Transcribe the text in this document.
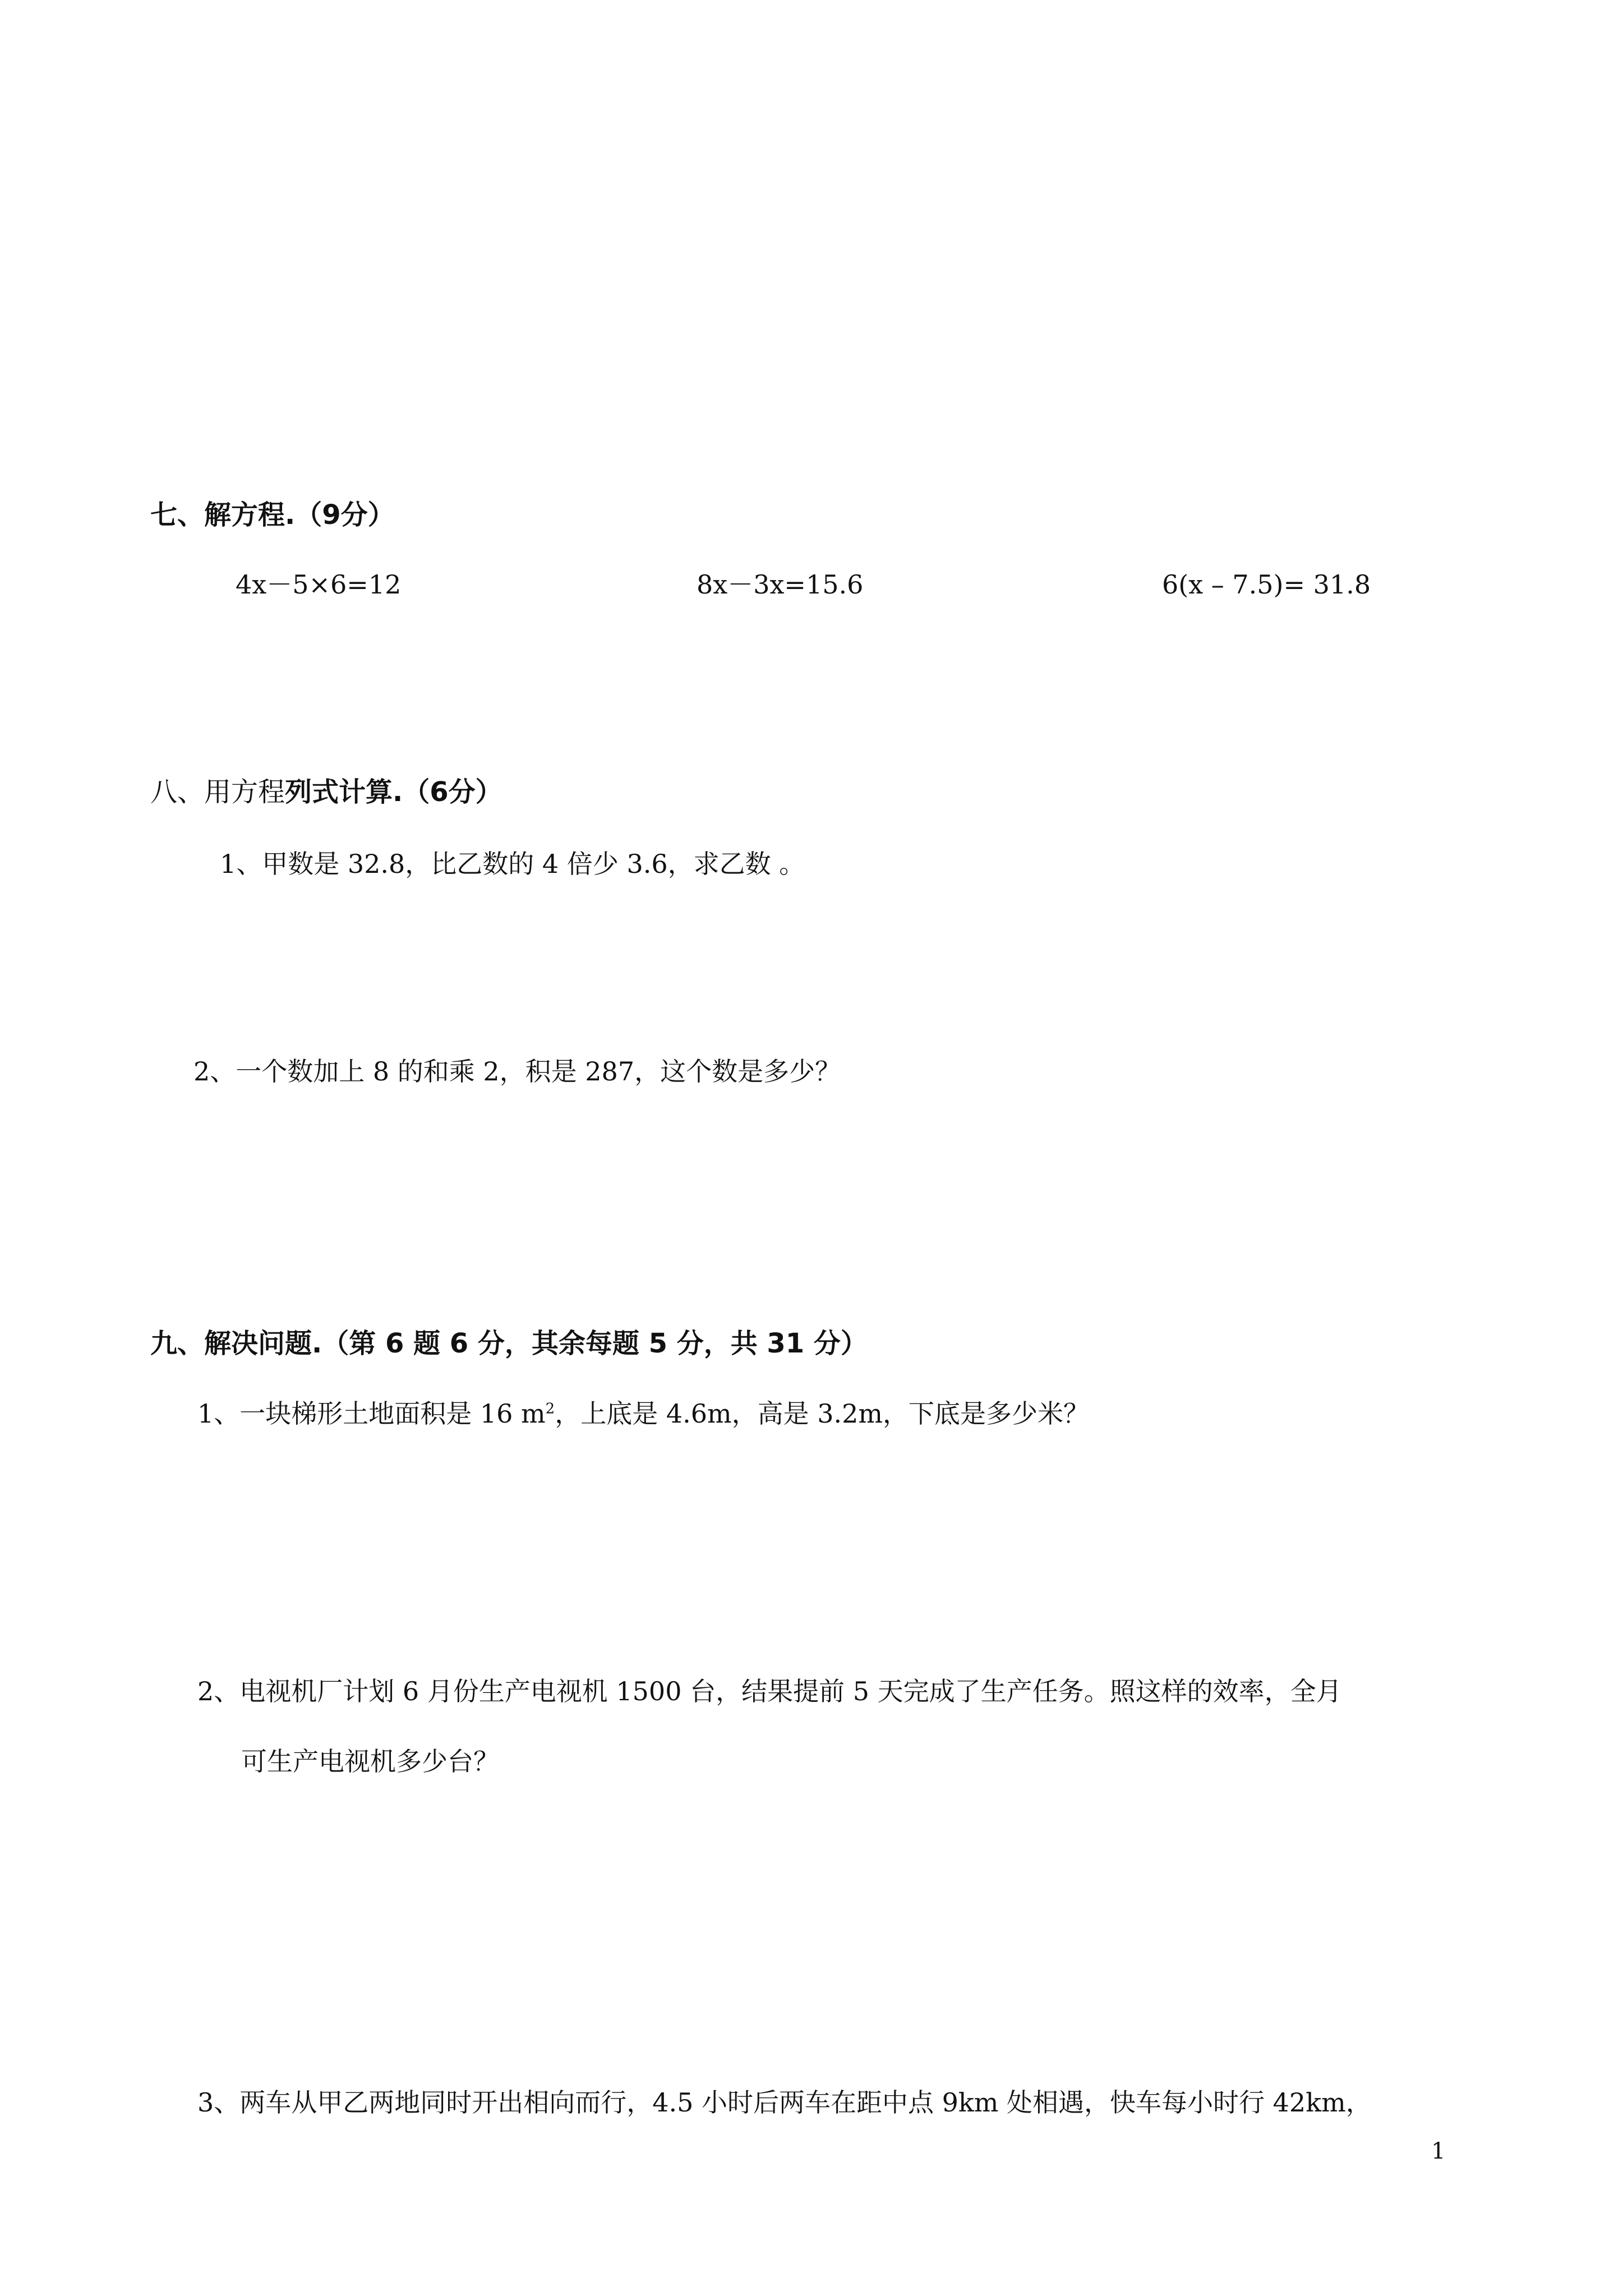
七、解方程.（9分）
4x－5×6=12	8x－3x=15.6	6(x – 7.5)= 31.8
八、用方程列式计算.（6分）
1、甲数是 32.8，比乙数的 4 倍少 3.6，求乙数 。
2、一个数加上 8 的和乘 2，积是 287，这个数是多少？
九、解决问题.（第 6 题 6 分，其余每题 5 分，共 31 分）
1、一块梯形土地面积是 16 $m^2$，上底是 4.6m，高是 3.2m，下底是多少米？
2、电视机厂计划 6 月份生产电视机 1500 台，结果提前 5 天完成了生产任务。照这样的效率，全月
可生产电视机多少台？
3、两车从甲乙两地同时开出相向而行，4.5 小时后两车在距中点 9km 处相遇，快车每小时行 42km，
1
